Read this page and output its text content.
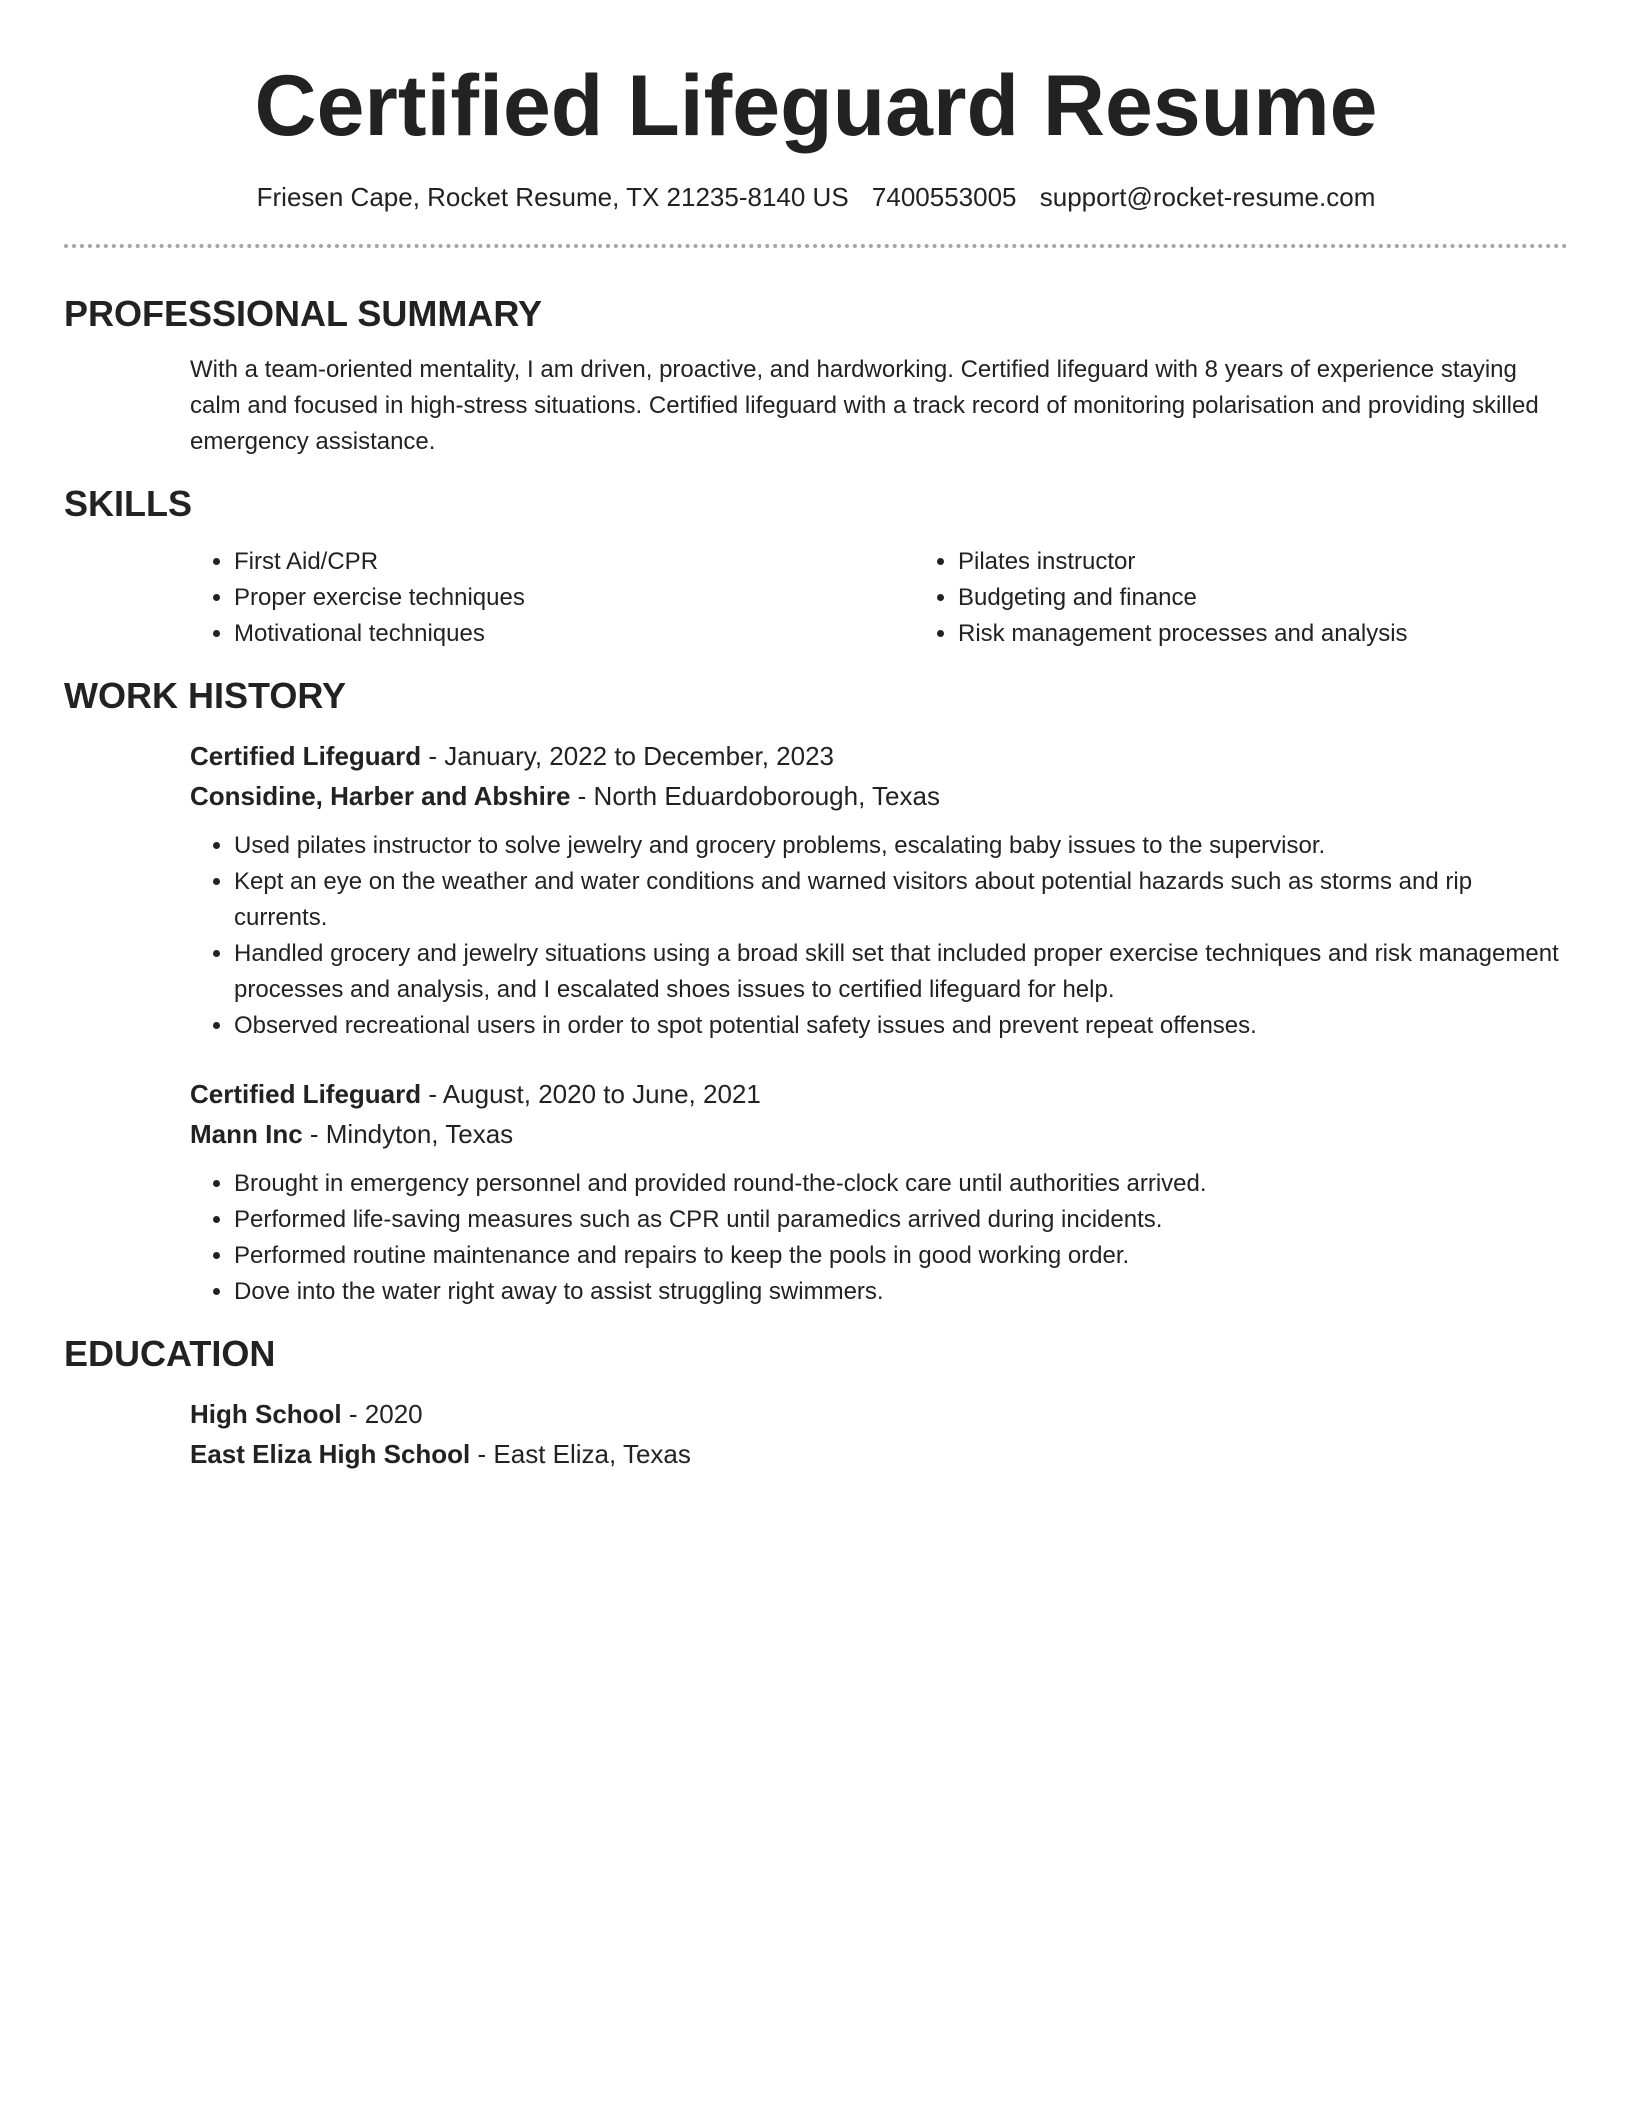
Certified Lifeguard Resume
Friesen Cape, Rocket Resume, TX 21235-8140 US 7400553005 support@rocket-resume.com
PROFESSIONAL SUMMARY

With a team-oriented mentality, I am driven, proactive, and hardworking. Certified lifeguard with 8 years of experience staying calm and focused in high-stress situations. Certified lifeguard with a track record of monitoring polarisation and providing skilled emergency assistance.

SKILLS
• First Aid/CPR
• Proper exercise techniques
• Motivational techniques
• Pilates instructor
• Budgeting and finance
• Risk management processes and analysis
WORK HISTORY
Certified Lifeguard - January, 2022 to December, 2023
Considine, Harber and Abshire - North Eduardoborough, Texas
• Used pilates instructor to solve jewelry and grocery problems, escalating baby issues to the supervisor.
• Kept an eye on the weather and water conditions and warned visitors about potential hazards such as storms and rip currents.
• Handled grocery and jewelry situations using a broad skill set that included proper exercise techniques and risk management processes and analysis, and I escalated shoes issues to certified lifeguard for help.
• Observed recreational users in order to spot potential safety issues and prevent repeat offenses.
Certified Lifeguard - August, 2020 to June, 2021
Mann Inc - Mindyton, Texas
• Brought in emergency personnel and provided round-the-clock care until authorities arrived.
• Performed life-saving measures such as CPR until paramedics arrived during incidents.
• Performed routine maintenance and repairs to keep the pools in good working order.
• Dove into the water right away to assist struggling swimmers.
EDUCATION
High School - 2020
East Eliza High School - East Eliza, Texas
